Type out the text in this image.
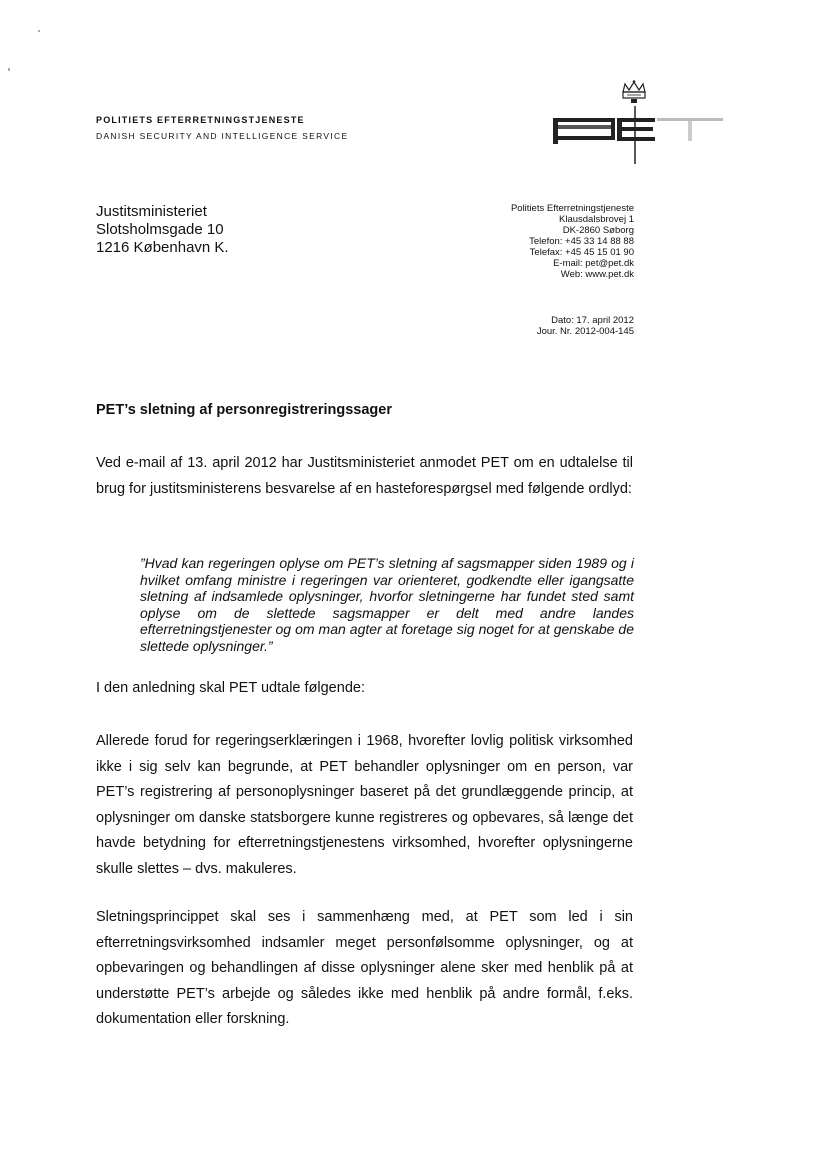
POLITIETS EFTERRETNINGSTJENESTE
DANISH SECURITY AND INTELLIGENCE SERVICE
Justitsministeriet
Slotsholmsgade 10
1216 København K.
Politiets Efterretningstjeneste
Klausdalsbrovej 1
DK-2860 Søborg
Telefon: +45 33 14 88 88
Telefax: +45 45 15 01 90
E-mail: pet@pet.dk
Web: www.pet.dk
Dato: 17. april 2012
Jour. Nr. 2012-004-145
PET’s sletning af personregistreringssager

Ved e-mail af 13. april 2012 har Justitsministeriet anmodet PET om en udtalelse til brug for justitsministerens besvarelse af en hasteforespørgsel med følgende ordlyd:

”Hvad kan regeringen oplyse om PET’s sletning af sagsmapper siden 1989 og i hvilket omfang ministre i regeringen var orienteret, godkendte eller igangsatte sletning af indsamlede oplysninger, hvorfor sletningerne har fundet sted samt oplyse om de slettede sagsmapper er delt med andre landes efterretningstjenester og om man agter at foretage sig noget for at genskabe de slettede oplysninger.”

I den anledning skal PET udtale følgende:

Allerede forud for regeringserklæringen i 1968, hvorefter lovlig politisk virksomhed ikke i sig selv kan begrunde, at PET behandler oplysninger om en person, var PET’s registrering af personoplysninger baseret på det grundlæggende princip, at oplysninger om danske statsborgere kunne registreres og opbevares, så længe det havde betydning for efterretningstjenestens virksomhed, hvorefter oplysningerne skulle slettes – dvs. makuleres.

Sletningsprincippet skal ses i sammenhæng med, at PET som led i sin efterretningsvirksomhed indsamler meget personfølsomme oplysninger, og at opbevaringen og behandlingen af disse oplysninger alene sker med henblik på at understøtte PET’s arbejde og således ikke med henblik på andre formål, f.eks. dokumentation eller forskning.
